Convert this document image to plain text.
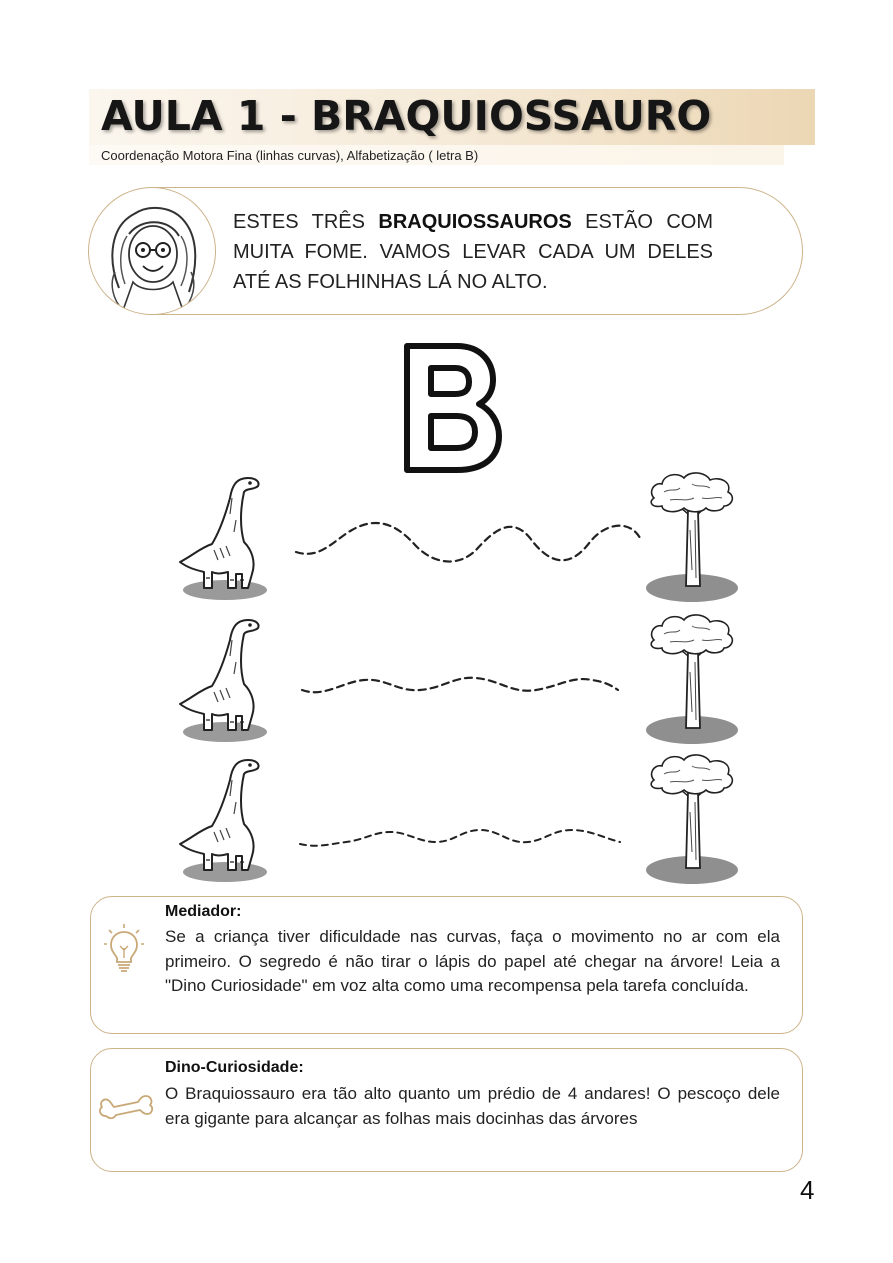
AULA 1 - BRAQUIOSSAURO
Coordenação Motora Fina (linhas curvas), Alfabetização ( letra B)
ESTES TRÊS BRAQUIOSSAUROS ESTÃO COM MUITA FOME. VAMOS LEVAR CADA UM DELES ATÉ AS FOLHINHAS LÁ NO ALTO.
Mediador:
Se a criança tiver dificuldade nas curvas, faça o movimento no ar com ela primeiro. O segredo é não tirar o lápis do papel até chegar na árvore! Leia a "Dino Curiosidade" em voz alta como uma recompensa pela tarefa concluída.
Dino-Curiosidade:
O Braquiossauro era tão alto quanto um prédio de 4 andares! O pescoço dele era gigante para alcançar as folhas mais docinhas das árvores
4
